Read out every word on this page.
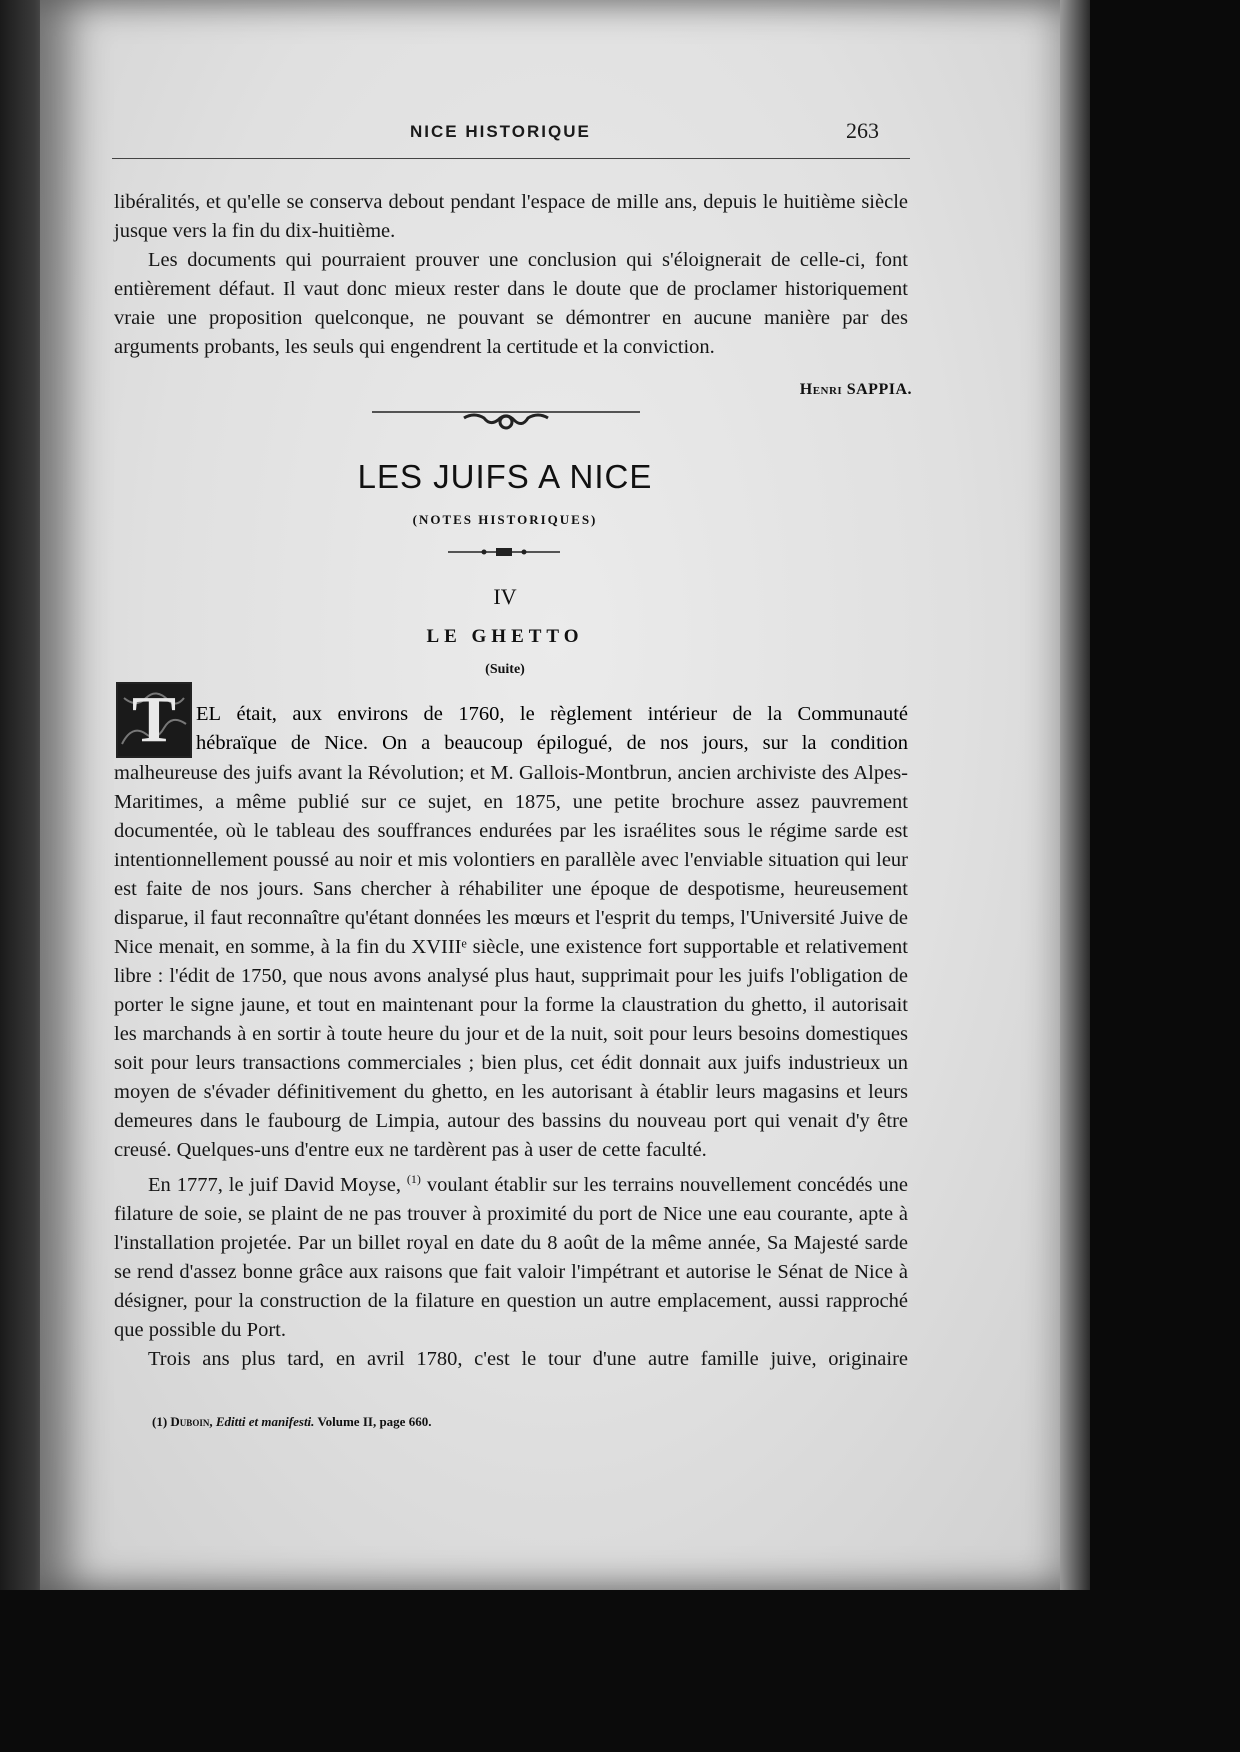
NICE HISTORIQUE	263

libéralités, et qu'elle se conserva debout pendant l'espace de mille ans, depuis le huitième siècle jusque vers la fin du dix-huitième.

Les documents qui pourraient prouver une conclusion qui s'éloignerait de celle-ci, font entièrement défaut. Il vaut donc mieux rester dans le doute que de proclamer historiquement vraie une proposition quelconque, ne pouvant se démontrer en aucune manière par des arguments probants, les seuls qui engendrent la certitude et la conviction.

Henri SAPPIA.
LES JUIFS A NICE
(NOTES HISTORIQUES)
IV
LE GHETTO
(Suite)
T EL était, aux environs de 1760, le règlement intérieur de la Communauté

hébraïque de Nice. On a beaucoup épilogué, de nos jours, sur la condition

malheureuse des juifs avant la Révolution; et M. Gallois-Montbrun, ancien archiviste des Alpes-Maritimes, a même publié sur ce sujet, en 1875, une petite brochure assez pauvrement documentée, où le tableau des souffrances endurées par les israélites sous le régime sarde est intentionnellement poussé au noir et mis volontiers en parallèle avec l'enviable situation qui leur est faite de nos jours. Sans chercher à réhabiliter une époque de despotisme, heureusement disparue, il faut reconnaître qu'étant données les mœurs et l'esprit du temps, l'Université Juive de Nice menait, en somme, à la fin du XVIIIᵉ siècle, une existence fort supportable et relativement libre : l'édit de 1750, que nous avons analysé plus haut, supprimait pour les juifs l'obligation de porter le signe jaune, et tout en maintenant pour la forme la claustration du ghetto, il autorisait les marchands à en sortir à toute heure du jour et de la nuit, soit pour leurs besoins domestiques soit pour leurs transactions commerciales ; bien plus, cet édit donnait aux juifs industrieux un moyen de s'évader définitivement du ghetto, en les autorisant à établir leurs magasins et leurs demeures dans le faubourg de Limpia, autour des bassins du nouveau port qui venait d'y être creusé. Quelques-uns d'entre eux ne tardèrent pas à user de cette faculté.

En 1777, le juif David Moyse, $^{(1)}$ voulant établir sur les terrains nouvellement concédés une filature de soie, se plaint de ne pas trouver à proximité du port de Nice une eau courante, apte à l'installation projetée. Par un billet royal en date du 8 août de la même année, Sa Majesté sarde se rend d'assez bonne grâce aux raisons que fait valoir l'impétrant et autorise le Sénat de Nice à désigner, pour la construction de la filature en question un autre emplacement, aussi rapproché que possible du Port.

Trois ans plus tard, en avril 1780, c'est le tour d'une autre famille juive, originaire

(1) Duboin, Editti et manifesti. Volume II, page 660.
